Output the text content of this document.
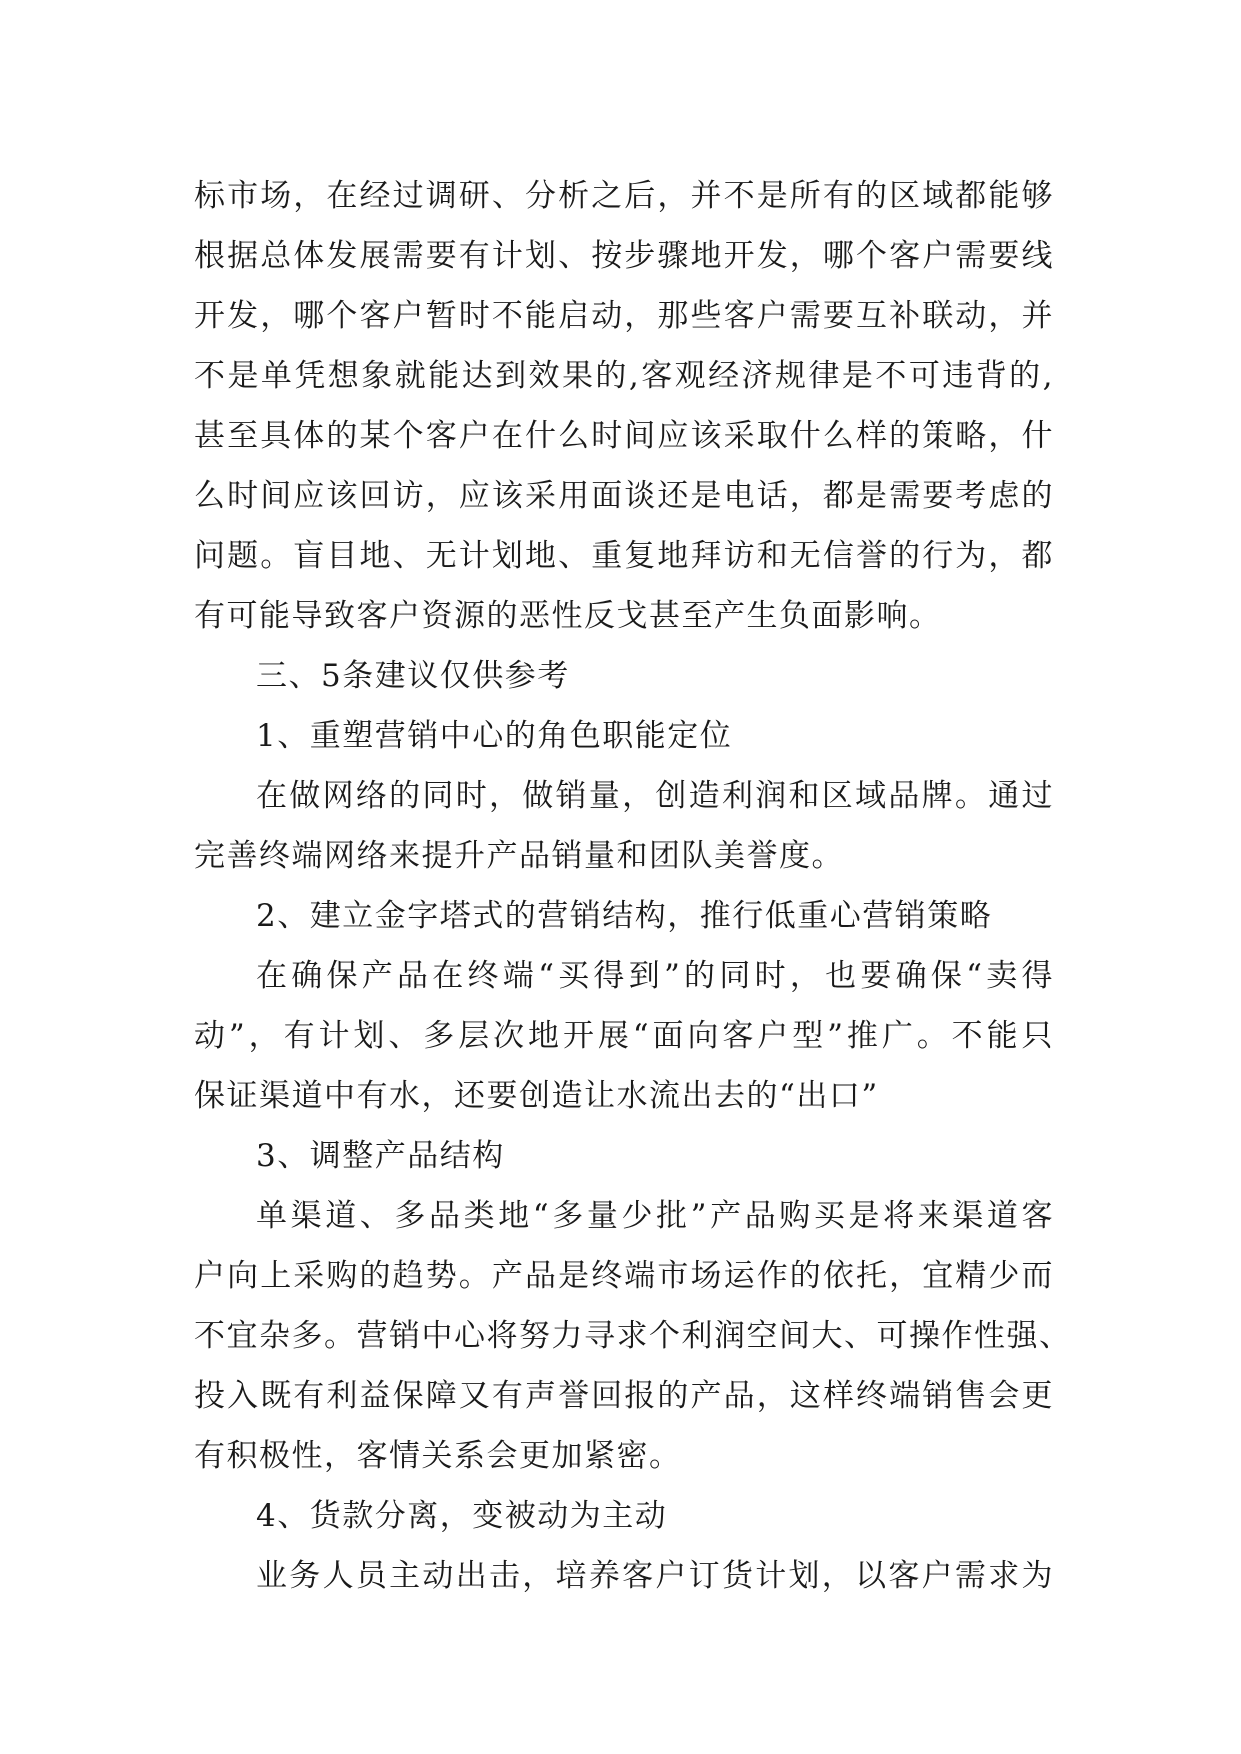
标市场，在经过调研、分析之后，并不是所有的区域都能够
根据总体发展需要有计划、按步骤地开发，哪个客户需要线
开发，哪个客户暂时不能启动，那些客户需要互补联动，并
不是单凭想象就能达到效果的,客观经济规律是不可违背的,
甚至具体的某个客户在什么时间应该采取什么样的策略，什
么时间应该回访，应该采用面谈还是电话，都是需要考虑的
问题。盲目地、无计划地、重复地拜访和无信誉的行为，都
有可能导致客户资源的恶性反戈甚至产生负面影响。
三、5条建议仅供参考
1、重塑营销中心的角色职能定位
在做网络的同时，做销量，创造利润和区域品牌。通过
完善终端网络来提升产品销量和团队美誉度。
2、建立金字塔式的营销结构，推行低重心营销策略
在确保产品在终端“买得到”的同时，也要确保“卖得
动”，有计划、多层次地开展“面向客户型”推广。不能只
保证渠道中有水，还要创造让水流出去的“出口”
3、调整产品结构
单渠道、多品类地“多量少批”产品购买是将来渠道客
户向上采购的趋势。产品是终端市场运作的依托，宜精少而
不宜杂多。营销中心将努力寻求个利润空间大、可操作性强、
投入既有利益保障又有声誉回报的产品，这样终端销售会更
有积极性，客情关系会更加紧密。
4、货款分离，变被动为主动
业务人员主动出击，培养客户订货计划，以客户需求为
